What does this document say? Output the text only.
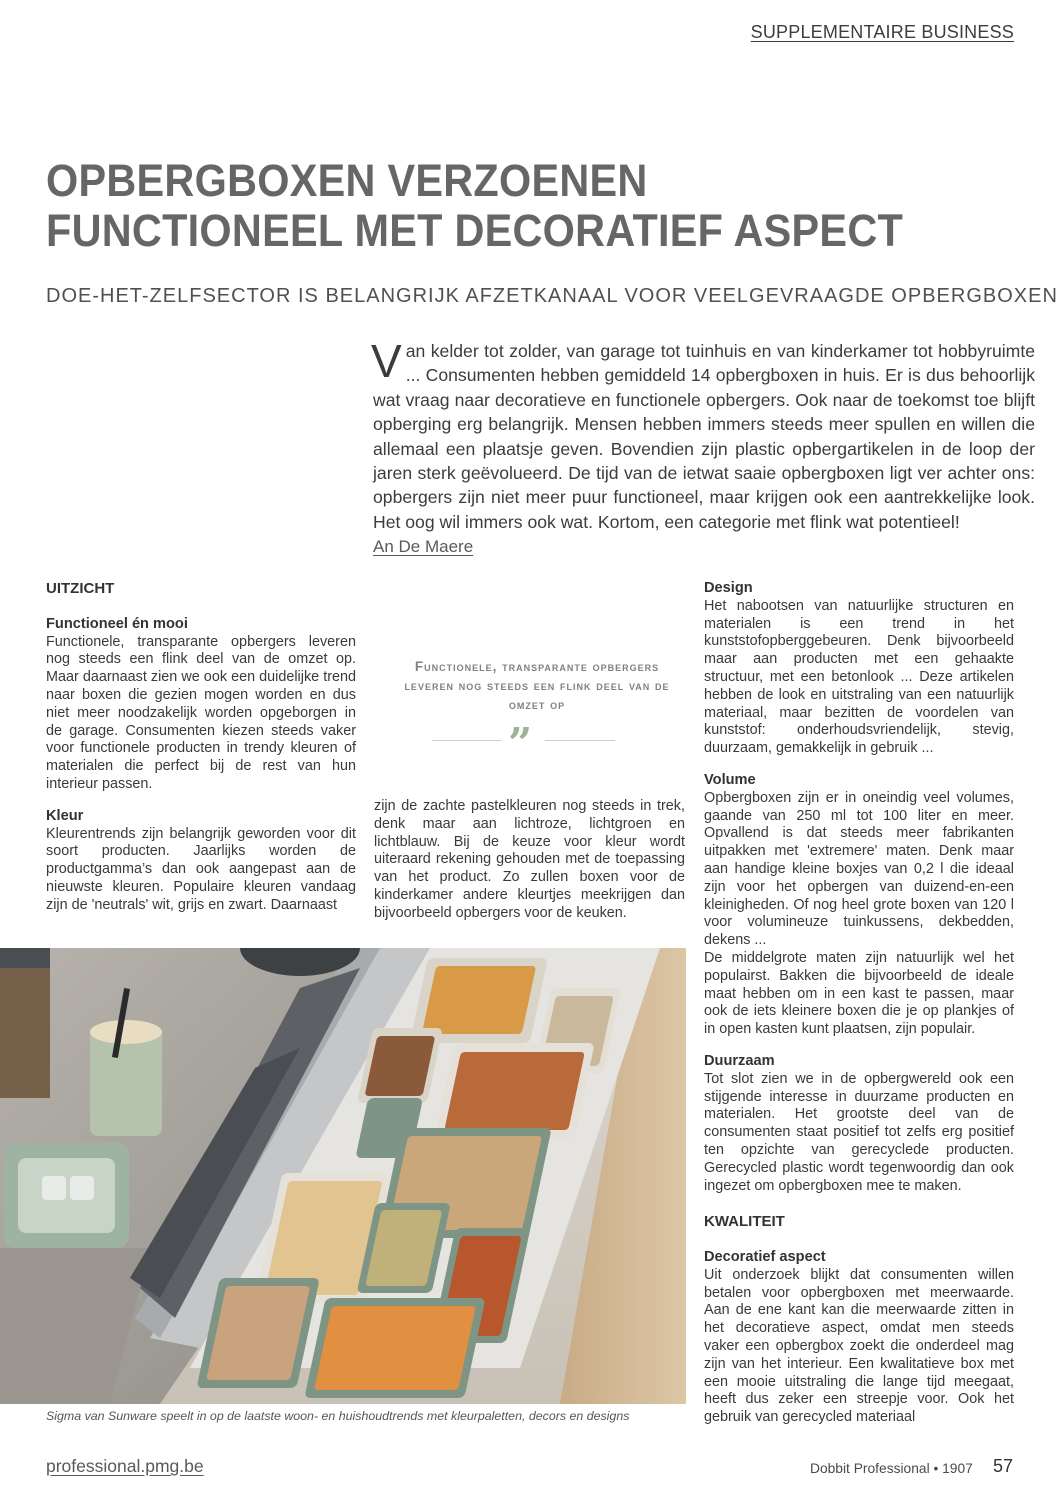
SUPPLEMENTAIRE BUSINESS
OPBERGBOXEN VERZOENEN
FUNCTIONEEL MET DECORATIEF ASPECT
DOE-HET-ZELFSECTOR IS BELANGRIJK AFZETKANAAL VOOR VEELGEVRAAGDE OPBERGBOXEN
Van kelder tot zolder, van garage tot tuinhuis en van kinderkamer tot hobbyruimte ... Consumenten hebben gemiddeld 14 opbergboxen in huis. Er is dus behoorlijk wat vraag naar decoratieve en functionele opbergers. Ook naar de toekomst toe blijft opberging erg belangrijk. Mensen hebben immers steeds meer spullen en willen die allemaal een plaatsje geven. Bovendien zijn plastic opbergartikelen in de loop der jaren sterk geëvolueerd. De tijd van de ietwat saaie opbergboxen ligt ver achter ons: opbergers zijn niet meer puur functioneel, maar krijgen ook een aantrekkelijke look. Het oog wil immers ook wat. Kortom, een categorie met flink wat potentieel!
An De Maere
UITZICHT
Functioneel én mooi

Functionele, transparante opbergers leveren nog steeds een flink deel van de omzet op. Maar daarnaast zien we ook een duidelijke trend naar boxen die gezien mogen worden en dus niet meer noodzakelijk worden opgeborgen in de garage. Consumenten kiezen steeds vaker voor functionele producten in trendy kleuren of materialen die perfect bij de rest van hun interieur passen.

Kleur

Kleurentrends zijn belangrijk geworden voor dit soort producten. Jaarlijks worden de productgamma’s dan ook aangepast aan de nieuwste kleuren. Populaire kleuren vandaag zijn de 'neutrals' wit, grijs en zwart. Daarnaast

Functionele, transparante opbergers leveren nog steeds een flink deel van de omzet op
”

zijn de zachte pastelkleuren nog steeds in trek, denk maar aan lichtroze, lichtgroen en lichtblauw. Bij de keuze voor kleur wordt uiteraard rekening gehouden met de toepassing van het product. Zo zullen boxen voor de kinderkamer andere kleurtjes meekrijgen dan bijvoorbeeld opbergers voor de keuken.

Design

Het nabootsen van natuurlijke structuren en materialen is een trend in het kunststofopberggebeuren. Denk bijvoorbeeld maar aan producten met een gehaakte structuur, met een betonlook ... Deze artikelen hebben de look en uitstraling van een natuurlijk materiaal, maar bezitten de voordelen van kunststof: onderhoudsvriendelijk, stevig, duurzaam, gemakkelijk in gebruik ...

Volume

Opbergboxen zijn er in oneindig veel volumes, gaande van 250 ml tot 100 liter en meer. Opvallend is dat steeds meer fabrikanten uitpakken met 'extremere' maten. Denk maar aan handige kleine boxjes van 0,2 l die ideaal zijn voor het opbergen van duizend-en-een kleinigheden. Of nog heel grote boxen van 120 l voor volumineuze tuinkussens, dekbedden, dekens ...

De middelgrote maten zijn natuurlijk wel het populairst. Bakken die bijvoorbeeld de ideale maat hebben om in een kast te passen, maar ook de iets kleinere boxen die je op plankjes of in open kasten kunt plaatsen, zijn populair.

Duurzaam

Tot slot zien we in de opbergwereld ook een stijgende interesse in duurzame producten en materialen. Het grootste deel van de consumenten staat positief tot zelfs erg positief ten opzichte van gerecyclede producten. Gerecycled plastic wordt tegenwoordig dan ook ingezet om opbergboxen mee te maken.

KWALITEIT
Decoratief aspect

Uit onderzoek blijkt dat consumenten willen betalen voor opbergboxen met meerwaarde. Aan de ene kant kan die meerwaarde zitten in het decoratieve aspect, omdat men steeds vaker een opbergbox zoekt die onderdeel mag zijn van het interieur. Een kwalitatieve box met een mooie uitstraling die lange tijd meegaat, heeft dus zeker een streepje voor. Ook het gebruik van gerecycled materiaal

Sigma van Sunware speelt in op de laatste woon- en huishoudtrends met kleurpaletten, decors en designs
professional.pmg.be	Dobbit Professional • 1907 57
